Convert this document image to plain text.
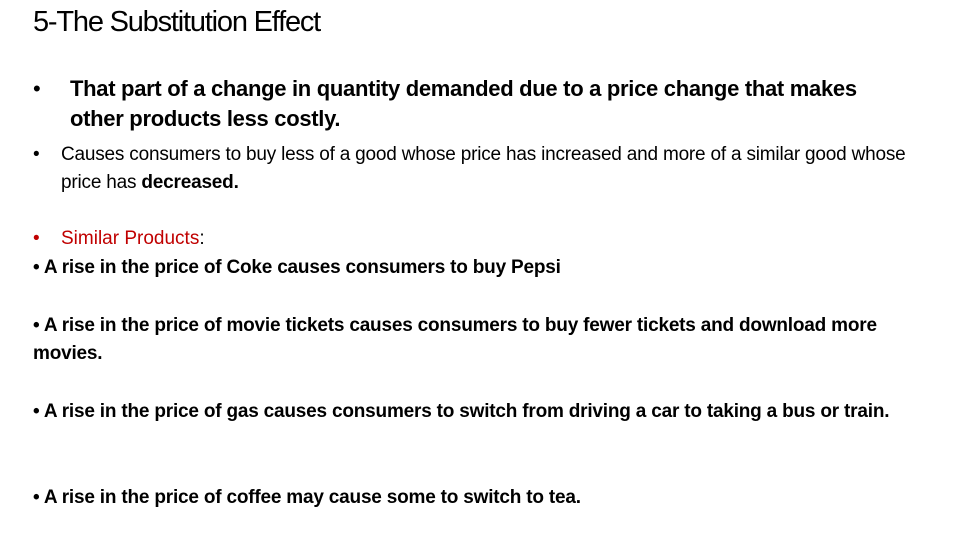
5-The Substitution Effect
•	That part of a change in quantity demanded due to a price change that makes other products less costly.
•	Causes consumers to buy less of a good whose price has increased and more of a similar good whose price has decreased.
•	Similar Products:
• A rise in the price of Coke causes consumers to buy Pepsi
• A rise in the price of movie tickets causes consumers to buy fewer tickets and download more movies.
• A rise in the price of gas causes consumers to switch from driving a car to taking a bus or train.
• A rise in the price of coffee may cause some to switch to tea.
